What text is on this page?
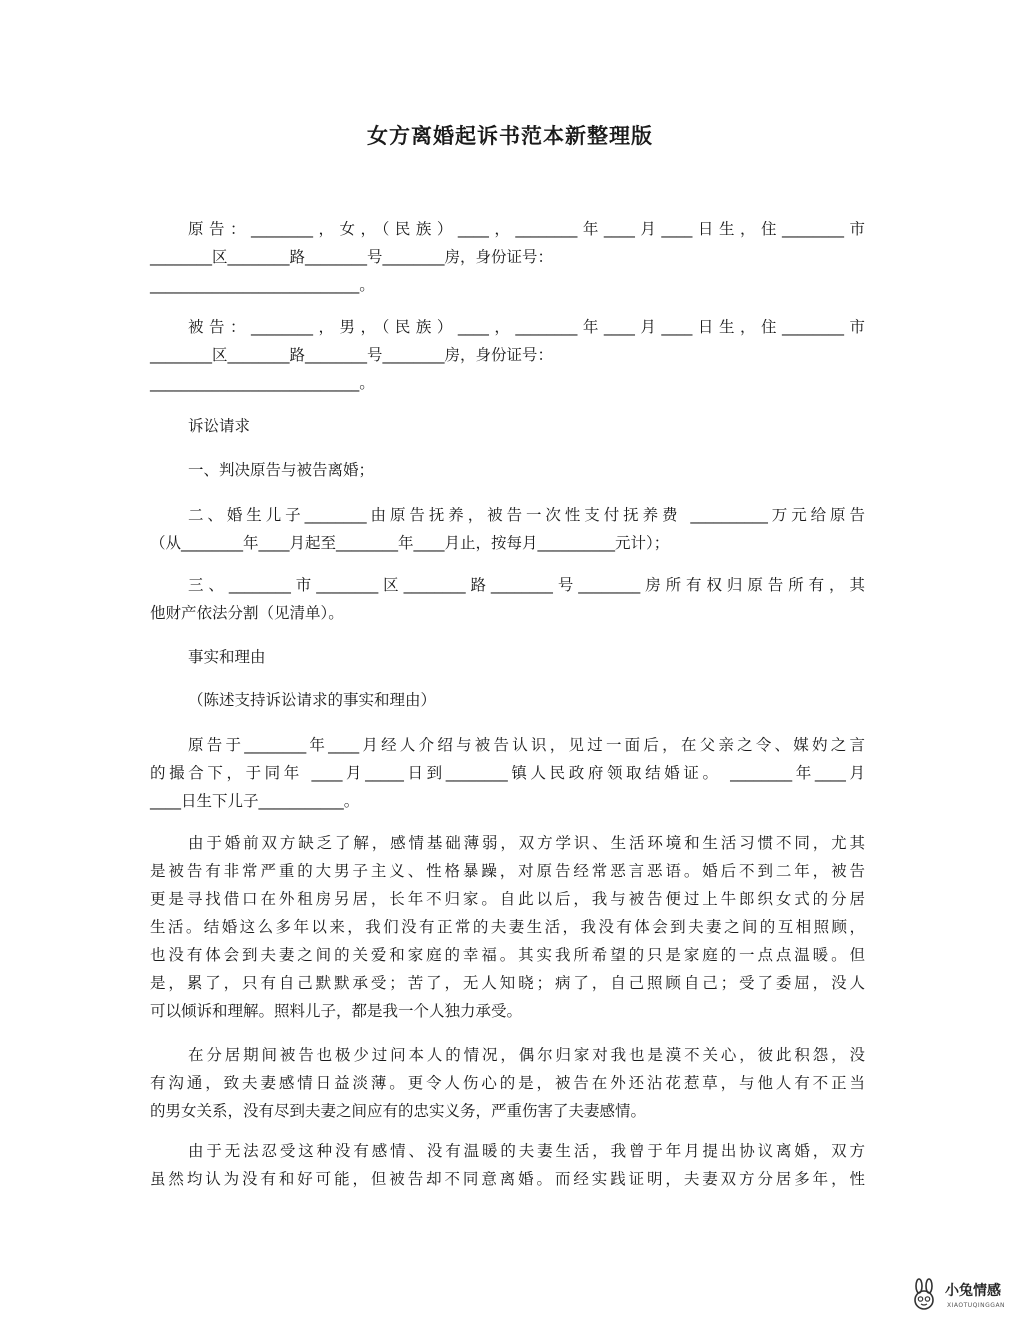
女方离婚起诉书范本新整理版
原告：________，女，（民族）____，________年____月____日生，住________市
________区________路________号________房，身份证号：
___________________________。
被告：________，男，（民族）____，________年____月____日生，住________市
________区________路________号________房，身份证号：
___________________________。
诉讼请求
一、判决原告与被告离婚；
二、婚生儿子________由原告抚养，被告一次性支付抚养费 __________万元给原告
（从________年____月起至________年____月止，按每月__________元计）；
三、________市________区________路________号________房所有权归原告所有，其
他财产依法分割（见清单）。
事实和理由
（陈述支持诉讼请求的事实和理由）
原告于________年____月经人介绍与被告认识，见过一面后，在父亲之令、媒妁之言
的撮合下，于同年 ____月_____日到________镇人民政府领取结婚证。 ________年____月
____日生下儿子___________。
由于婚前双方缺乏了解，感情基础薄弱，双方学识、生活环境和生活习惯不同，尤其
是被告有非常严重的大男子主义、性格暴躁，对原告经常恶言恶语。婚后不到二年，被告
更是寻找借口在外租房另居，长年不归家。自此以后，我与被告便过上牛郎织女式的分居
生活。结婚这么多年以来，我们没有正常的夫妻生活，我没有体会到夫妻之间的互相照顾，
也没有体会到夫妻之间的关爱和家庭的幸福。其实我所希望的只是家庭的一点点温暖。但
是，累了，只有自己默默承受；苦了，无人知晓；病了，自己照顾自己；受了委屈，没人
可以倾诉和理解。照料儿子，都是我一个人独力承受。
在分居期间被告也极少过问本人的情况，偶尔归家对我也是漠不关心，彼此积怨，没
有沟通，致夫妻感情日益淡薄。更令人伤心的是，被告在外还沾花惹草，与他人有不正当
的男女关系，没有尽到夫妻之间应有的忠实义务，严重伤害了夫妻感情。
由于无法忍受这种没有感情、没有温暖的夫妻生活，我曾于年月提出协议离婚，双方
虽然均认为没有和好可能，但被告却不同意离婚。而经实践证明，夫妻双方分居多年，性
小兔情感
XIAOTUQINGGAN
